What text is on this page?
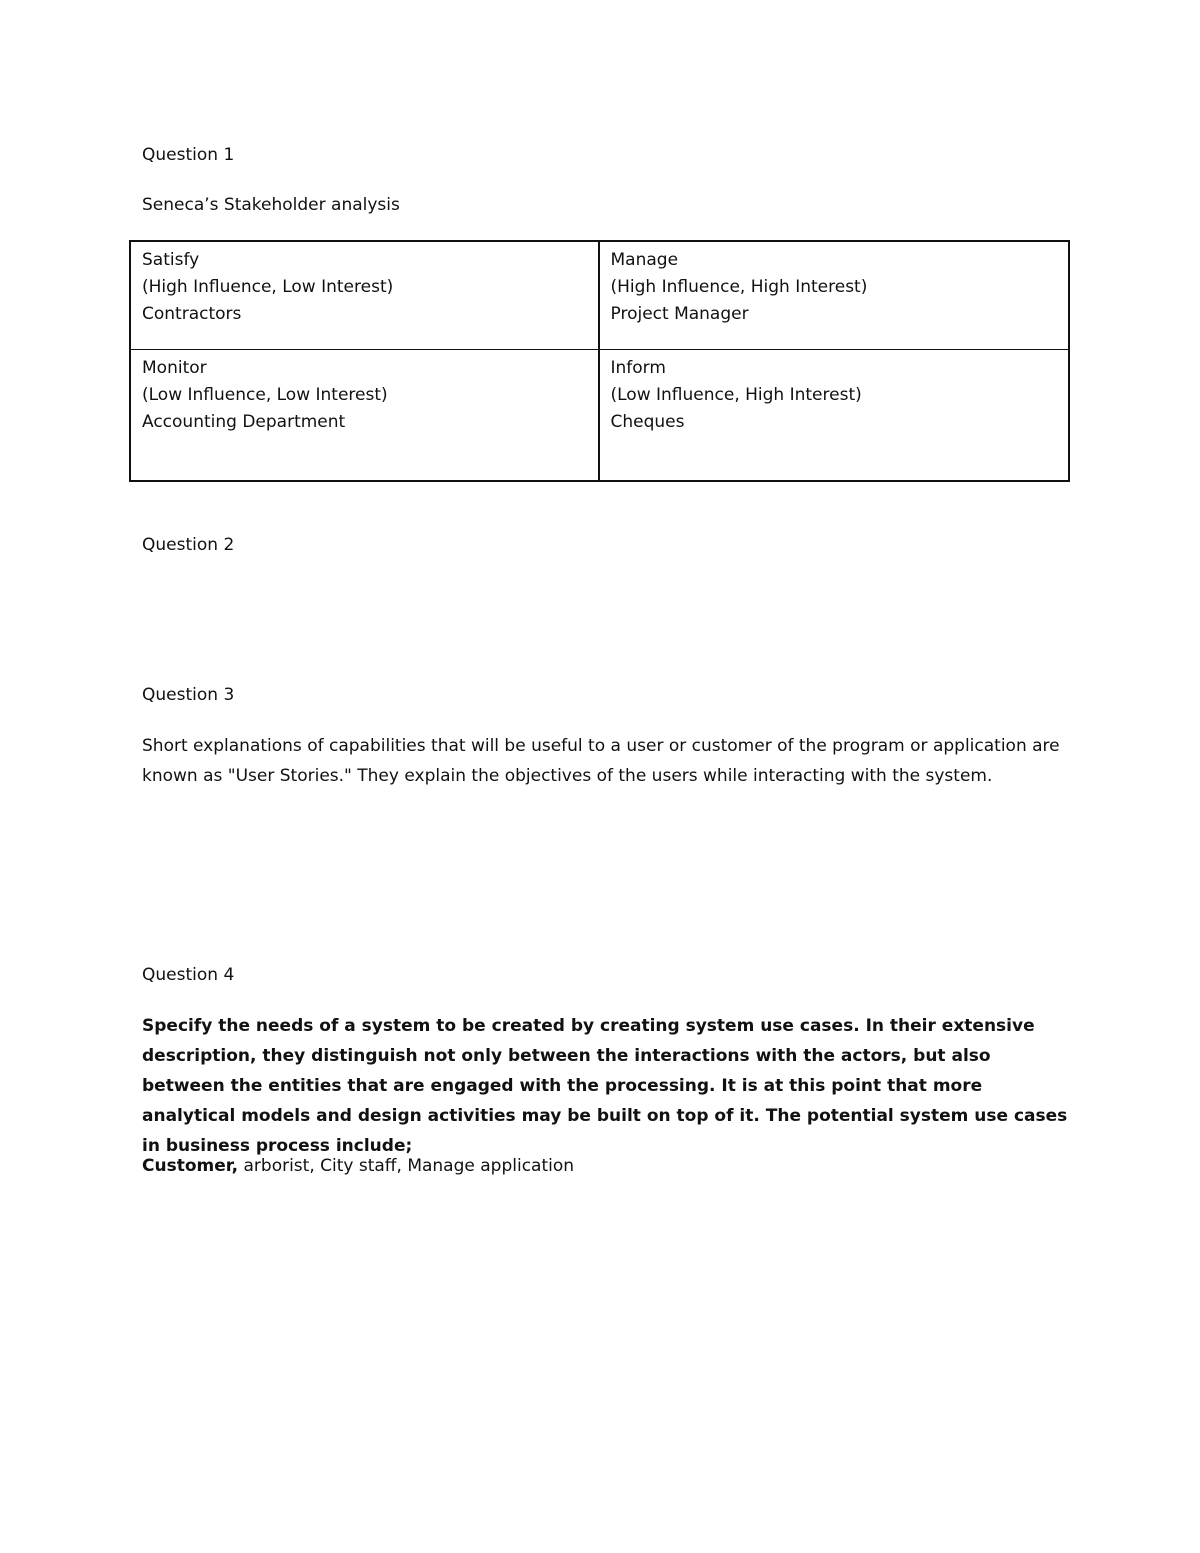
Question 1
Seneca’s Stakeholder analysis
Satisfy
(High Influence, Low Interest)
Contractors
Manage
(High Influence, High Interest)
Project Manager
Monitor
(Low Influence, Low Interest)
Accounting Department
Inform
(Low Influence, High Interest)
Cheques
Question 2
Question 3
Short explanations of capabilities that will be useful to a user or customer of the program or application are known as "User Stories." They explain the objectives of the users while interacting with the system.
Question 4
Specify the needs of a system to be created by creating system use cases. In their extensive description, they distinguish not only between the interactions with the actors, but also between the entities that are engaged with the processing. It is at this point that more analytical models and design activities may be built on top of it. The potential system use cases in business process include;
Customer, arborist, City staff, Manage application
